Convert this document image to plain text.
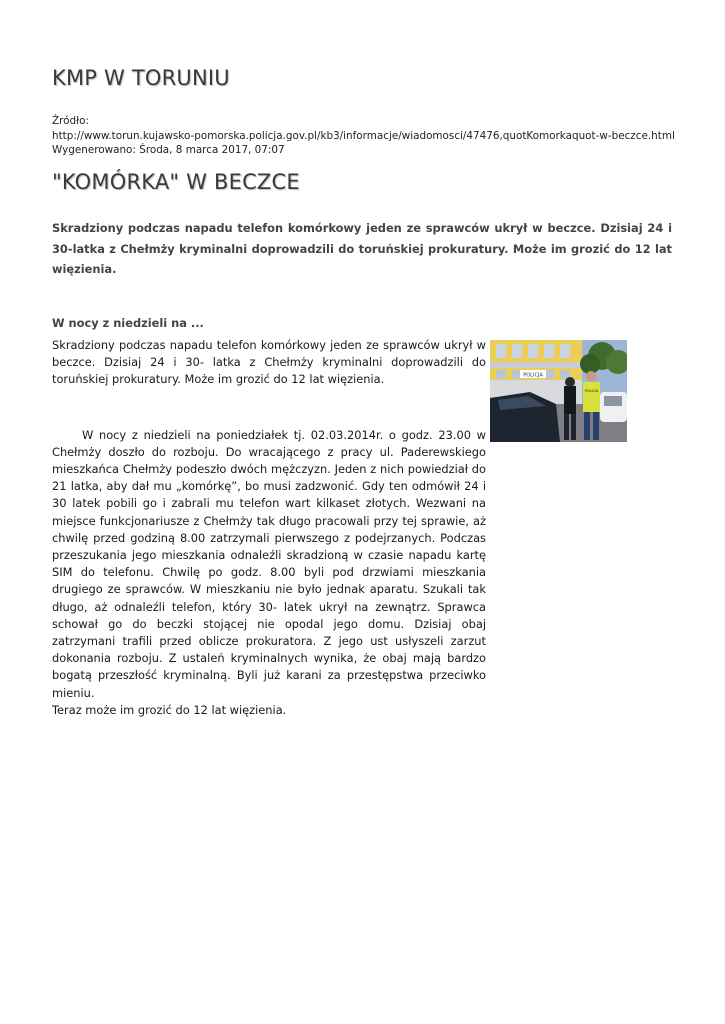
KMP W TORUNIU
Źródło:
http://www.torun.kujawsko-pomorska.policja.gov.pl/kb3/informacje/wiadomosci/47476,quotKomorkaquot-w-beczce.html
Wygenerowano: Środa, 8 marca 2017, 07:07
"KOMÓRKA" W BECZCE
Skradziony podczas napadu telefon komórkowy jeden ze sprawców ukrył w beczce. Dzisiaj 24 i 30-latka z Chełmży kryminalni doprowadzili do toruńskiej prokuratury. Może im grozić do 12 lat więzienia.
W nocy z niedzieli na ...

Skradziony podczas napadu telefon komórkowy jeden ze sprawców ukrył w beczce. Dzisiaj 24 i 30- latka z Chełmży kryminalni doprowadzili do toruńskiej prokuratury. Może im grozić do 12 lat więzienia.

W nocy z niedzieli na poniedziałek tj. 02.03.2014r. o godz. 23.00 w Chełmży doszło do rozboju. Do wracającego z pracy ul. Paderewskiego mieszkańca Chełmży podeszło dwóch mężczyzn. Jeden z nich powiedział do 21 latka, aby dał mu „komórkę”, bo musi zadzwonić. Gdy ten odmówił 24 i 30 latek pobili go i zabrali mu telefon wart kilkaset złotych. Wezwani na miejsce funkcjonariusze z Chełmży tak długo pracowali przy tej sprawie, aż chwilę przed godziną 8.00 zatrzymali pierwszego z podejrzanych. Podczas przeszukania jego mieszkania odnaleźli skradzioną w czasie napadu kartę SIM do telefonu. Chwilę po godz. 8.00 byli pod drzwiami mieszkania drugiego ze sprawców. W mieszkaniu nie było jednak aparatu. Szukali tak długo, aż odnaleźli telefon, który 30- latek ukrył na zewnątrz. Sprawca schował go do beczki stojącej nie opodal jego domu. Dzisiaj obaj zatrzymani trafili przed oblicze prokuratora. Z jego ust usłyszeli zarzut dokonania rozboju. Z ustaleń kryminalnych wynika, że obaj mają bardzo bogatą przeszłość kryminalną. Byli już karani za przestępstwa przeciwko mieniu.

Teraz może im grozić do 12 lat więzienia.

POLICJA
POLICJA
